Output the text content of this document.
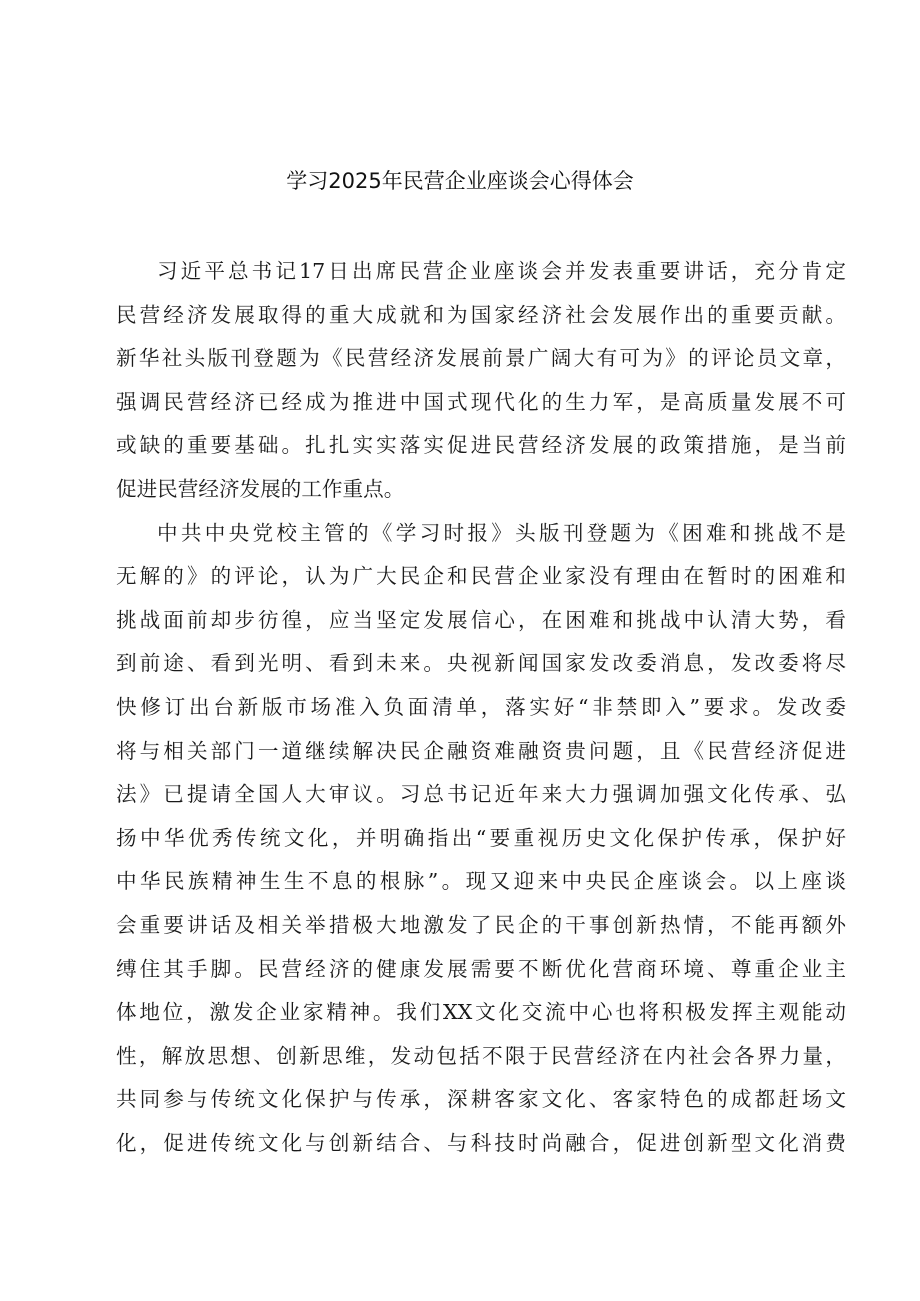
学习2025年民营企业座谈会心得体会

习近平总书记17日出席民营企业座谈会并发表重要讲话，充分肯定
民营经济发展取得的重大成就和为国家经济社会发展作出的重要贡献。
新华社头版刊登题为《民营经济发展前景广阔大有可为》的评论员文章，
强调民营经济已经成为推进中国式现代化的生力军，是高质量发展不可
或缺的重要基础。扎扎实实落实促进民营经济发展的政策措施，是当前
促进民营经济发展的工作重点。

中共中央党校主管的《学习时报》头版刊登题为《困难和挑战不是
无解的》的评论，认为广大民企和民营企业家没有理由在暂时的困难和
挑战面前却步彷徨，应当坚定发展信心，在困难和挑战中认清大势，看
到前途、看到光明、看到未来。央视新闻国家发改委消息，发改委将尽
快修订出台新版市场准入负面清单，落实好“非禁即入”要求。发改委
将与相关部门一道继续解决民企融资难融资贵问题，且《民营经济促进
法》已提请全国人大审议。习总书记近年来大力强调加强文化传承、弘
扬中华优秀传统文化，并明确指出“要重视历史文化保护传承，保护好
中华民族精神生生不息的根脉”。现又迎来中央民企座谈会。以上座谈
会重要讲话及相关举措极大地激发了民企的干事创新热情，不能再额外
缚住其手脚。民营经济的健康发展需要不断优化营商环境、尊重企业主
体地位，激发企业家精神。我们XX文化交流中心也将积极发挥主观能动
性，解放思想、创新思维，发动包括不限于民营经济在内社会各界力量，
共同参与传统文化保护与传承，深耕客家文化、客家特色的成都赶场文
化，促进传统文化与创新结合、与科技时尚融合，促进创新型文化消费
